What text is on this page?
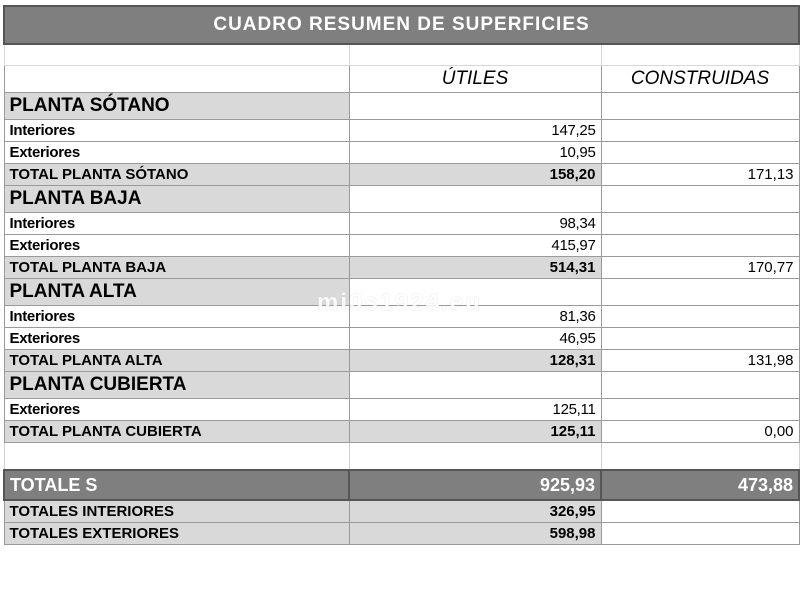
CUADRO RESUMEN DE SUPERFICIES		

	ÚTILES	CONSTRUIDAS
PLANTA SÓTANO		
Interiores	147,25	
Exteriores	10,95	
TOTAL PLANTA SÓTANO	158,20	171,13
PLANTA BAJA		
Interiores	98,34	
Exteriores	415,97	
TOTAL PLANTA BAJA	514,31	170,77
PLANTA ALTA		
Interiores	81,36	
Exteriores	46,95	
TOTAL PLANTA ALTA	128,31	131,98
PLANTA CUBIERTA		
Exteriores	125,11	
TOTAL PLANTA CUBIERTA	125,11	0,00

TOTALE S	925,93	473,88
TOTALES INTERIORES	326,95	
TOTALES EXTERIORES	598,98	
mi0s1924.eu
